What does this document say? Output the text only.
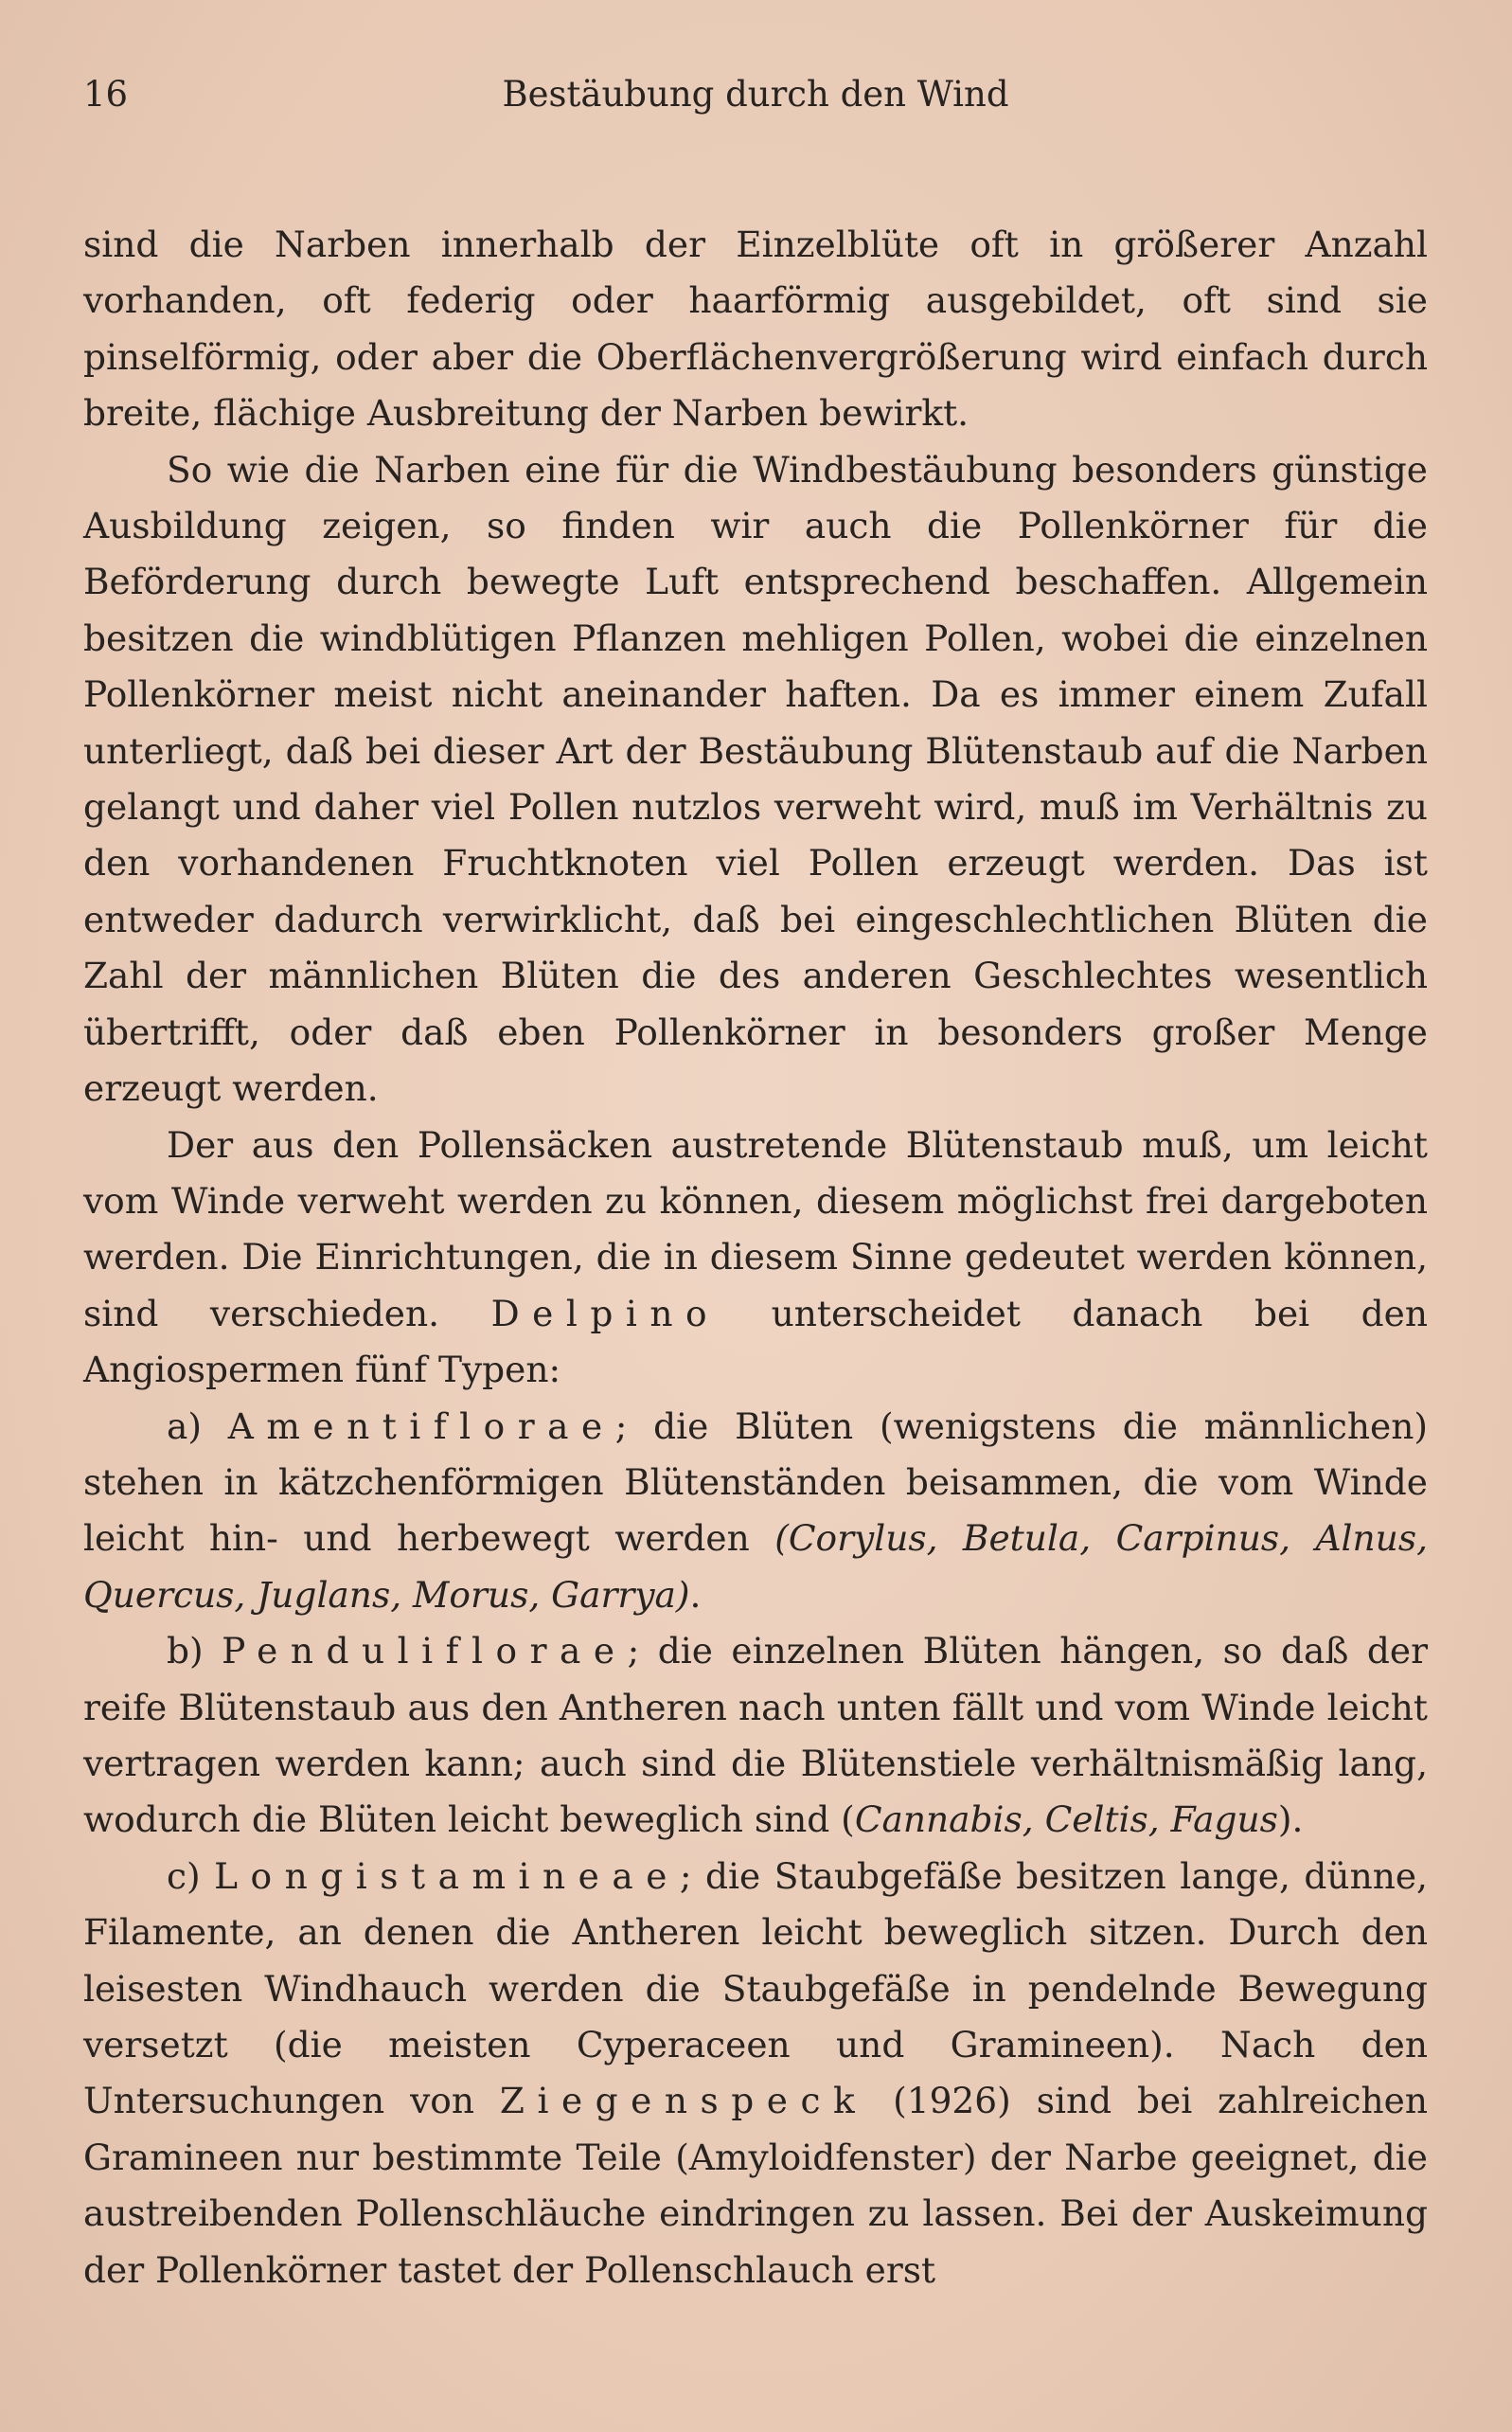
16	Bestäubung durch den Wind

sind die Narben innerhalb der Einzelblüte oft in größerer Anzahl vorhanden, oft federig oder haarförmig ausgebildet, oft sind sie pinselförmig, oder aber die Oberflächenvergrößerung wird einfach durch breite, flächige Ausbreitung der Narben bewirkt.

So wie die Narben eine für die Windbestäubung besonders günstige Ausbildung zeigen, so finden wir auch die Pollenkörner für die Beförderung durch bewegte Luft entsprechend beschaffen. Allgemein besitzen die windblütigen Pflanzen mehligen Pollen, wobei die einzelnen Pollenkörner meist nicht aneinander haften. Da es immer einem Zufall unterliegt, daß bei dieser Art der Bestäubung Blütenstaub auf die Narben gelangt und daher viel Pollen nutzlos verweht wird, muß im Verhältnis zu den vorhandenen Fruchtknoten viel Pollen erzeugt werden. Das ist entweder dadurch verwirklicht, daß bei eingeschlechtlichen Blüten die Zahl der männlichen Blüten die des anderen Geschlechtes wesentlich übertrifft, oder daß eben Pollenkörner in besonders großer Menge erzeugt werden.

Der aus den Pollensäcken austretende Blütenstaub muß, um leicht vom Winde verweht werden zu können, diesem möglichst frei dargeboten werden. Die Einrichtungen, die in diesem Sinne gedeutet werden können, sind verschieden. Delpino unterscheidet danach bei den Angiospermen fünf Typen:

a) Amentiflorae; die Blüten (wenigstens die männlichen) stehen in kätzchenförmigen Blütenständen beisammen, die vom Winde leicht hin- und herbewegt werden (Corylus, Betula, Carpinus, Alnus, Quercus, Juglans, Morus, Garrya).

b) Penduliflorae; die einzelnen Blüten hängen, so daß der reife Blütenstaub aus den Antheren nach unten fällt und vom Winde leicht vertragen werden kann; auch sind die Blütenstiele verhältnismäßig lang, wodurch die Blüten leicht beweglich sind (Cannabis, Celtis, Fagus).

c) Longistamineae; die Staubgefäße besitzen lange, dünne, Filamente, an denen die Antheren leicht beweglich sitzen. Durch den leisesten Windhauch werden die Staubgefäße in pendelnde Bewegung versetzt (die meisten Cyperaceen und Gramineen). Nach den Untersuchungen von Ziegenspeck (1926) sind bei zahlreichen Gramineen nur bestimmte Teile (Amyloidfenster) der Narbe geeignet, die austreibenden Pollenschläuche eindringen zu lassen. Bei der Auskeimung der Pollenkörner tastet der Pollenschlauch erst
